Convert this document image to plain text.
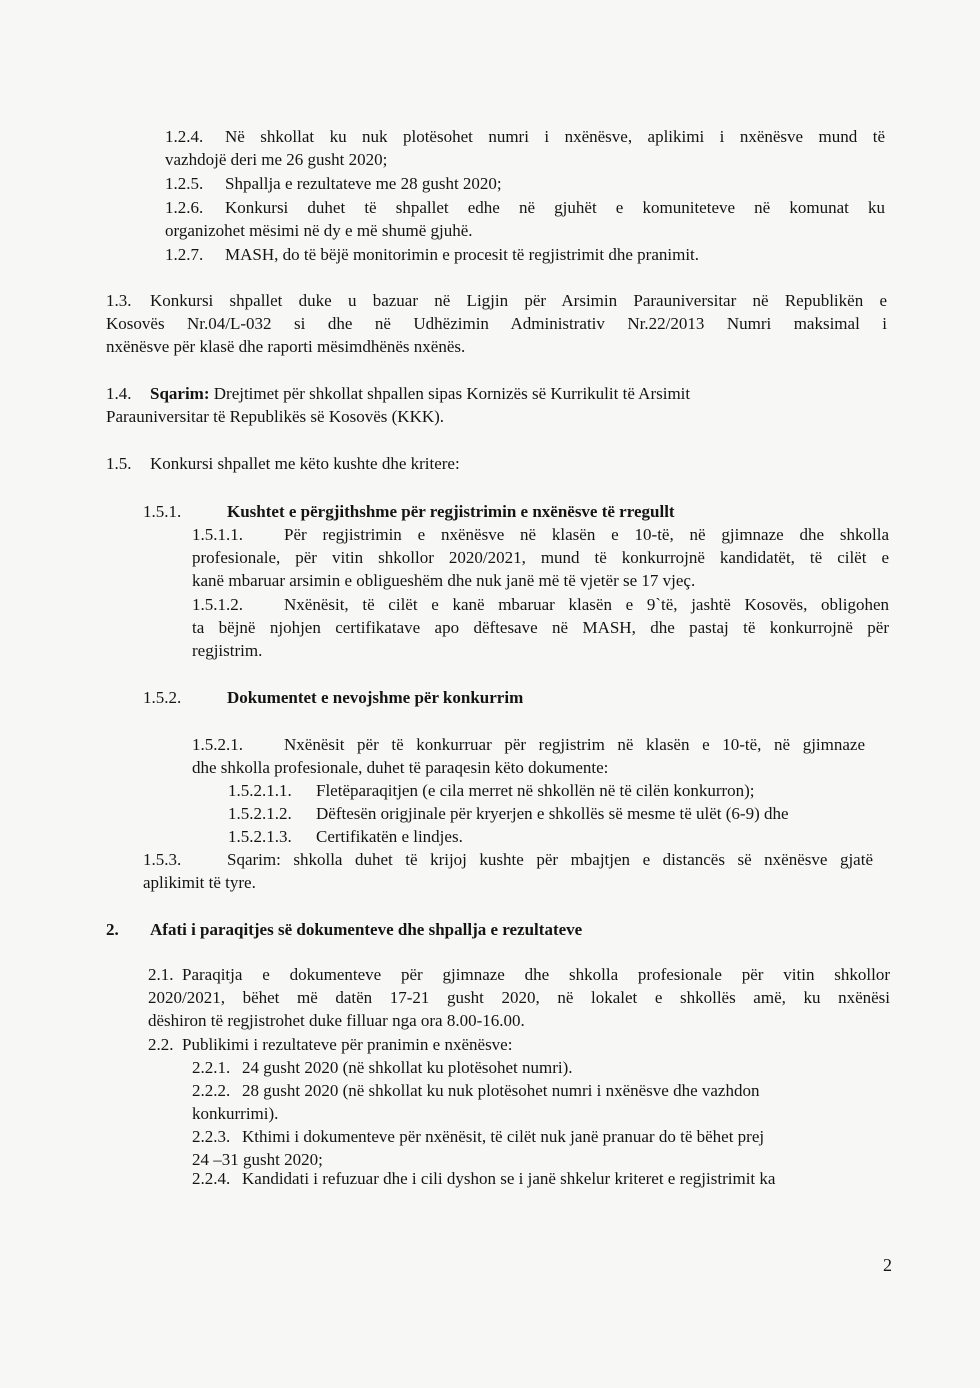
1.2.4. Në shkollat ku nuk plotësohet numri i nxënësve, aplikimi i nxënësve mund të
vazhdojë deri me 26 gusht 2020;
1.2.5. Shpallja e rezultateve me 28 gusht 2020;
1.2.6. Konkursi duhet të shpallet edhe në gjuhët e komuniteteve në komunat ku
organizohet mësimi në dy e më shumë gjuhë.
1.2.7. MASH, do të bëjë monitorimin e procesit të regjistrimit dhe pranimit.
1.3. Konkursi shpallet duke u bazuar në Ligjin për Arsimin Parauniversitar në Republikën e
Kosovës Nr.04/L-032 si dhe në Udhëzimin Administrativ Nr.22/2013 Numri maksimal i
nxënësve për klasë dhe raporti mësimdhënës nxënës.
1.4. Sqarim: Drejtimet për shkollat shpallen sipas Kornizës së Kurrikulit të Arsimit
Parauniversitar të Republikës së Kosovës (KKK).
1.5. Konkursi shpallet me këto kushte dhe kritere:
1.5.1.	Kushtet e përgjithshme për regjistrimin e nxënësve të rregullt
1.5.1.1. Për regjistrimin e nxënësve në klasën e 10-të, në gjimnaze dhe shkolla
profesionale, për vitin shkollor 2020/2021, mund të konkurrojnë kandidatët, të cilët e
kanë mbaruar arsimin e obligueshëm dhe nuk janë më të vjetër se 17 vjeç.
1.5.1.2. Nxënësit, të cilët e kanë mbaruar klasën e 9`të, jashtë Kosovës, obligohen
ta bëjnë njohjen certifikatave apo dëftesave në MASH, dhe pastaj të konkurrojnë për
regjistrim.
1.5.2.	Dokumentet e nevojshme për konkurrim
1.5.2.1. Nxënësit për të konkurruar për regjistrim në klasën e 10-të, në gjimnaze
dhe shkolla profesionale, duhet të paraqesin këto dokumente:
1.5.2.1.1. Fletëparaqitjen (e cila merret në shkollën në të cilën konkurron);
1.5.2.1.2. Dëftesën origjinale për kryerjen e shkollës së mesme të ulët (6-9) dhe
1.5.2.1.3. Certifikatën e lindjes.
1.5.3.	Sqarim: shkolla duhet të krijoj kushte për mbajtjen e distancës së nxënësve gjatë
aplikimit të tyre.
2. Afati i paraqitjes së dokumenteve dhe shpallja e rezultateve
2.1. Paraqitja e dokumenteve për gjimnaze dhe shkolla profesionale për vitin shkollor
2020/2021, bëhet më datën 17-21 gusht 2020, në lokalet e shkollës amë, ku nxënësi
dëshiron të regjistrohet duke filluar nga ora 8.00-16.00.
2.2. Publikimi i rezultateve për pranimin e nxënësve:
2.2.1. 24 gusht 2020 (në shkollat ku plotësohet numri).
2.2.2. 28 gusht 2020 (në shkollat ku nuk plotësohet numri i nxënësve dhe vazhdon
konkurrimi).
2.2.3. Kthimi i dokumenteve për nxënësit, të cilët nuk janë pranuar do të bëhet prej
24 –31 gusht 2020;
2.2.4. Kandidati i refuzuar dhe i cili dyshon se i janë shkelur kriteret e regjistrimit ka
2
